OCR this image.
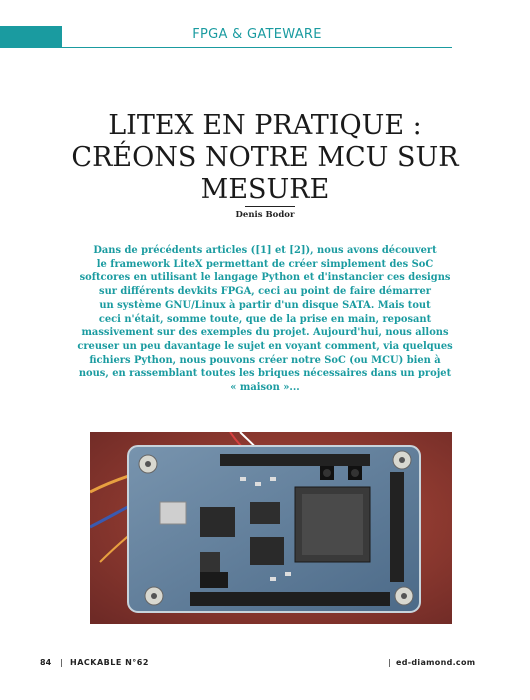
FPGA & GATEWARE
LITEX EN PRATIQUE :
CRÉONS NOTRE MCU SUR
MESURE
Denis Bodor
Dans de précédents articles ([1] et [2]), nous avons découvert
le framework LiteX permettant de créer simplement des SoC
softcores en utilisant le langage Python et d'instancier ces designs
sur différents devkits FPGA, ceci au point de faire démarrer
un système GNU/Linux à partir d'un disque SATA. Mais tout
ceci n'était, somme toute, que de la prise en main, reposant
massivement sur des exemples du projet. Aujourd'hui, nous allons
creuser un peu davantage le sujet en voyant comment, via quelques
fichiers Python, nous pouvons créer notre SoC (ou MCU) bien à
nous, en rassemblant toutes les briques nécessaires dans un projet
« maison »...
84 | HACKABLE N°62	| ed-diamond.com
